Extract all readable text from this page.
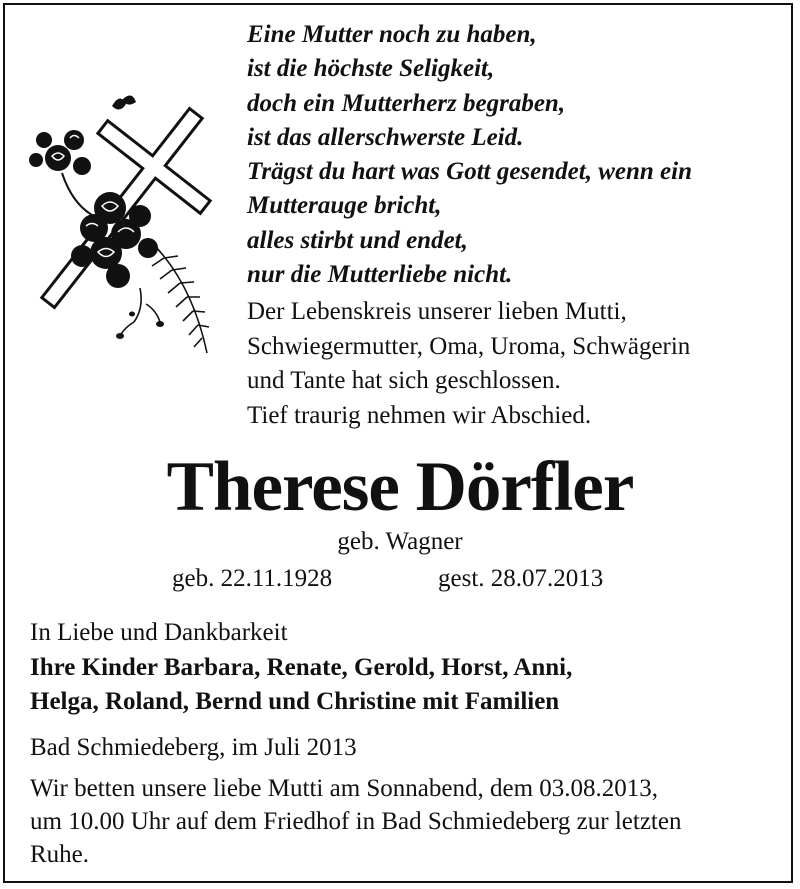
Eine Mutter noch zu haben,
ist die höchste Seligkeit,
doch ein Mutterherz begraben,
ist das allerschwerste Leid.
Trägst du hart was Gott gesendet, wenn ein
Mutterauge bricht,
alles stirbt und endet,
nur die Mutterliebe nicht.
Der Lebenskreis unserer lieben Mutti,
Schwiegermutter, Oma, Uroma, Schwägerin
und Tante hat sich geschlossen.
Tief traurig nehmen wir Abschied.
Therese Dörfler
geb. Wagner
geb. 22.11.1928	gest. 28.07.2013
In Liebe und Dankbarkeit
Ihre Kinder Barbara, Renate, Gerold, Horst, Anni,
Helga, Roland, Bernd und Christine mit Familien
Bad Schmiedeberg, im Juli 2013
Wir betten unsere liebe Mutti am Sonnabend, dem 03.08.2013,
um 10.00 Uhr auf dem Friedhof in Bad Schmiedeberg zur letzten
Ruhe.
